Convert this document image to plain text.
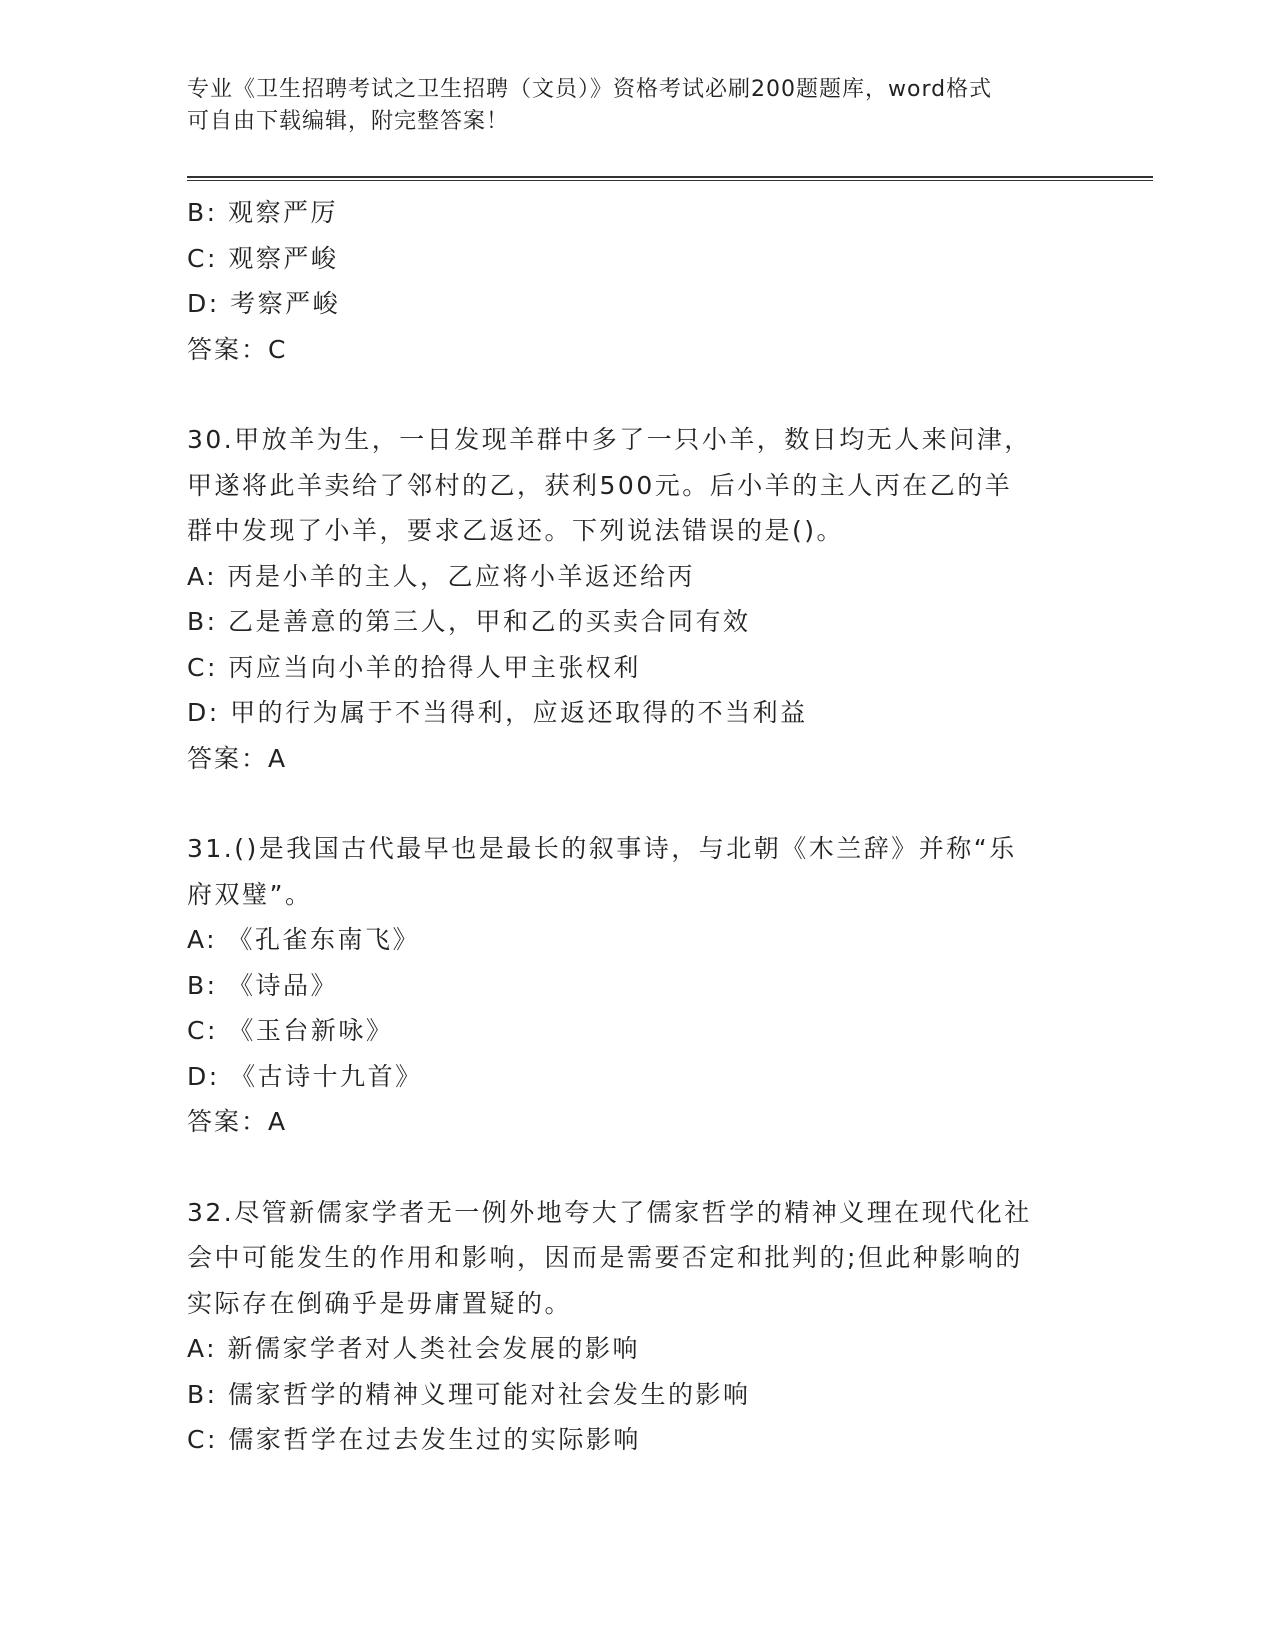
专业《卫生招聘考试之卫生招聘（文员）》资格考试必刷200题题库，word格式
可自由下载编辑，附完整答案！
B: 观察严厉
C: 观察严峻
D: 考察严峻
答案：C
30.甲放羊为生，一日发现羊群中多了一只小羊，数日均无人来问津，
甲遂将此羊卖给了邻村的乙，获利500元。后小羊的主人丙在乙的羊
群中发现了小羊，要求乙返还。下列说法错误的是()。
A: 丙是小羊的主人，乙应将小羊返还给丙
B: 乙是善意的第三人，甲和乙的买卖合同有效
C: 丙应当向小羊的拾得人甲主张权利
D: 甲的行为属于不当得利，应返还取得的不当利益
答案：A
31.()是我国古代最早也是最长的叙事诗，与北朝《木兰辞》并称“乐
府双璧”。
A: 《孔雀东南飞》
B: 《诗品》
C: 《玉台新咏》
D: 《古诗十九首》
答案：A
32.尽管新儒家学者无一例外地夸大了儒家哲学的精神义理在现代化社
会中可能发生的作用和影响，因而是需要否定和批判的;但此种影响的
实际存在倒确乎是毋庸置疑的。
A: 新儒家学者对人类社会发展的影响
B: 儒家哲学的精神义理可能对社会发生的影响
C: 儒家哲学在过去发生过的实际影响
